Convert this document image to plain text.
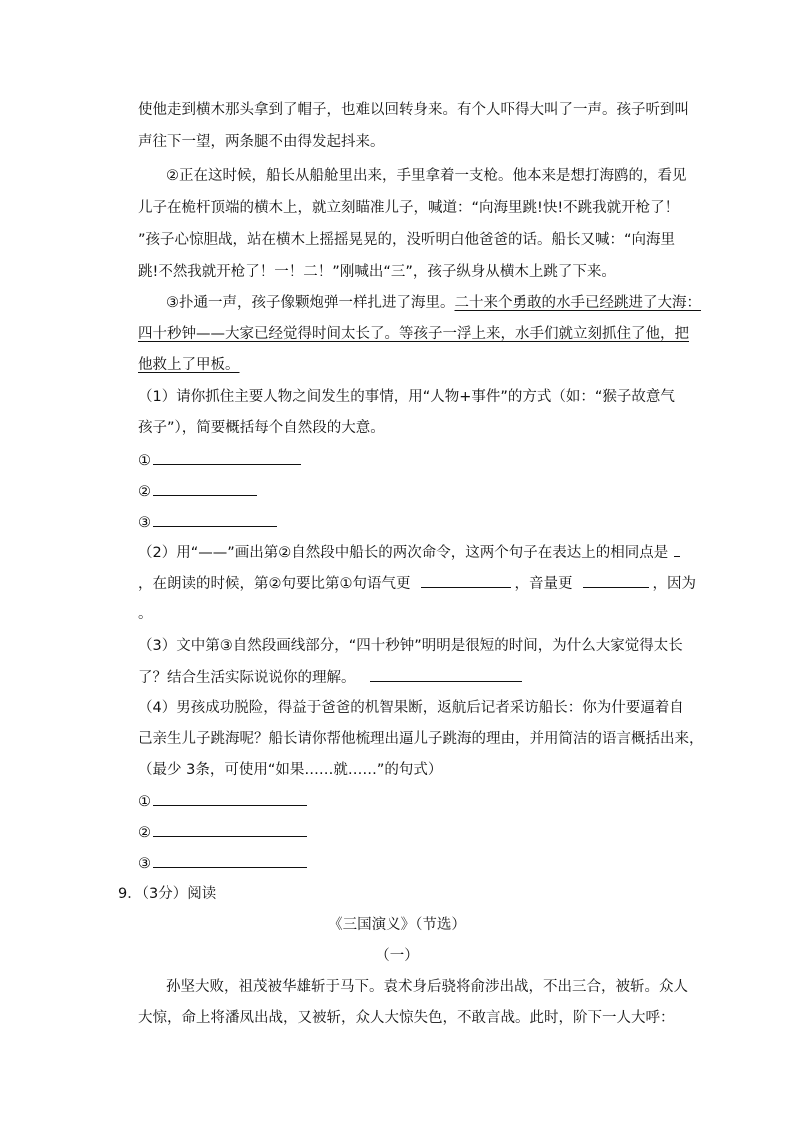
使他走到横木那头拿到了帽子，也难以回转身来。有个人吓得大叫了一声。孩子听到叫
声往下一望，两条腿不由得发起抖来。
②正在这时候，船长从船舱里出来，手里拿着一支枪。他本来是想打海鸥的，看见
儿子在桅杆顶端的横木上，就立刻瞄准儿子，喊道：“向海里跳!快!不跳我就开枪了！
”孩子心惊胆战，站在横木上摇摇晃晃的，没听明白他爸爸的话。船长又喊：“向海里
跳!不然我就开枪了！一！二！”刚喊出“三”，孩子纵身从横木上跳了下来。
③扑通一声，孩子像颗炮弹一样扎进了海里。二十来个勇敢的水手已经跳进了大海：
四十秒钟——大家已经觉得时间太长了。等孩子一浮上来，水手们就立刻抓住了他，把
他救上了甲板。
（1）请你抓住主要人物之间发生的事情，用“人物+事件”的方式（如：“猴子故意气
孩子”），简要概括每个自然段的大意。
①
②
③
（2）用“——”画出第②自然段中船长的两次命令，这两个句子在表达上的相同点是
，在朗读的时候，第②句要比第①句语气更	，音量更	，因为
。
（3）文中第③自然段画线部分，“四十秒钟”明明是很短的时间，为什么大家觉得太长
了？结合生活实际说说你的理解。
（4）男孩成功脱险，得益于爸爸的机智果断，返航后记者采访船长：你为什要逼着自
己亲生儿子跳海呢？船长请你帮他梳理出逼儿子跳海的理由，并用简洁的语言概括出来，
（最少 3条，可使用“如果……就……”的句式）
①
②
③
9．（3分）阅读
《三国演义》（节选）
（一）
孙坚大败，祖茂被华雄斩于马下。袁术身后骁将俞涉出战，不出三合，被斩。众人
大惊，命上将潘凤出战，又被斩，众人大惊失色，不敢言战。此时，阶下一人大呼：
